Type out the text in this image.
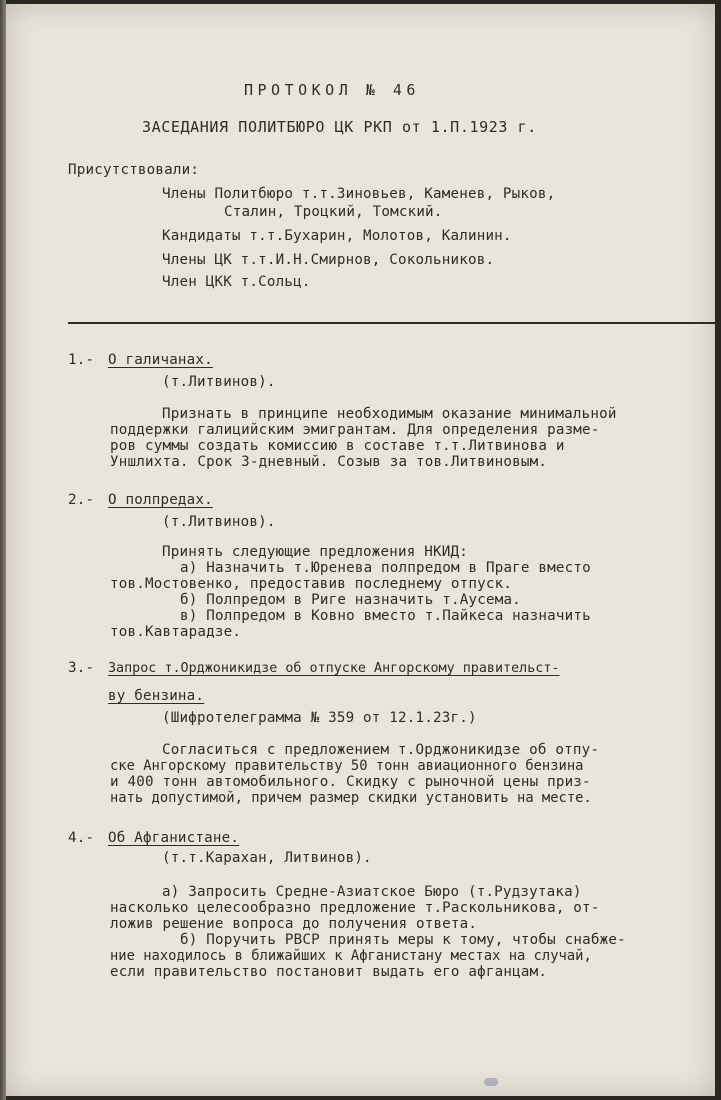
ПРОТОКОЛ № 46
ЗАСЕДАНИЯ ПОЛИТБЮРО ЦК РКП от 1.П.1923 г.
Присутствовали:
Члены Политбюро т.т.Зиновьев, Каменев, Рыков,
Сталин, Троцкий, Томский.
Кандидаты т.т.Бухарин, Молотов, Калинин.
Члены ЦК т.т.И.Н.Смирнов, Сокольников.
Член ЦКК т.Сольц.
1.- О галичанах.
(т.Литвинов).
Признать в принципе необходимым оказание минимальной
поддержки галицийским эмигрантам. Для определения разме-
ров суммы создать комиссию в составе т.т.Литвинова и
Уншлихта. Срок 3-дневный. Созыв за тов.Литвиновым.
2.- О полпредах.
(т.Литвинов).
Принять следующие предложения НКИД:
а) Назначить т.Юренева полпредом в Праге вместо
тов.Мостовенко, предоставив последнему отпуск.
б) Полпредом в Риге назначить т.Аусема.
в) Полпредом в Ковно вместо т.Пайкеса назначить
тов.Кавтарадзе.
3.- Запрос т.Орджоникидзе об отпуске Ангорскому правительст-
ву бензина.
(Шифротелеграмма № 359 от 12.1.23г.)
Согласиться с предложением т.Орджоникидзе об отпу-
ске Ангорскому правительству 50 тонн авиационного бензина
и 400 тонн автомобильного. Скидку с рыночной цены приз-
нать допустимой, причем размер скидки установить на месте.
4.- Об Афганистане.
(т.т.Карахан, Литвинов).
а) Запросить Средне-Азиатское Бюро (т.Рудзутака)
насколько целесообразно предложение т.Раскольникова, от-
ложив решение вопроса до получения ответа.
б) Поручить РВСР принять меры к тому, чтобы снабже-
ние находилось в ближайших к Афганистану местах на случай,
если правительство постановит выдать его афганцам.
